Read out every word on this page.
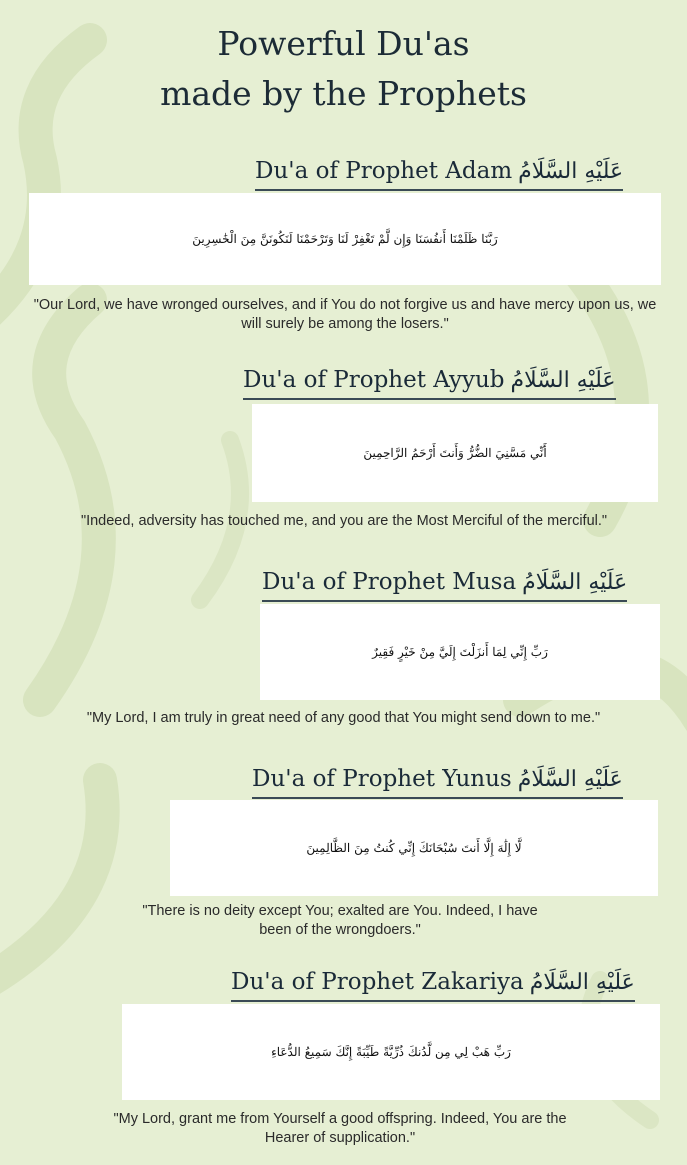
Powerful Du'as
made by the Prophets
Du'a of Prophet Adam عَلَيْهِ السَّلَامُ
رَبَّنَا ظَلَمْنَا أَنفُسَنَا وَإِن لَّمْ تَغْفِرْ لَنَا وَتَرْحَمْنَا لَنَكُونَنَّ مِنَ الْخَٰسِرِينَ
"Our Lord, we have wronged ourselves, and if You do not forgive us and have mercy upon us, we will surely be among the losers."
Du'a of Prophet Ayyub عَلَيْهِ السَّلَامُ
أَنِّي مَسَّنِيَ الضُّرُّ وَأَنتَ أَرْحَمُ الرَّاحِمِينَ
"Indeed, adversity has touched me, and you are the Most Merciful of the merciful."
Du'a of Prophet Musa عَلَيْهِ السَّلَامُ
رَبِّ إِنِّي لِمَا أَنزَلْتَ إِلَيَّ مِنْ خَيْرٍ فَقِيرٌ
"My Lord, I am truly in great need of any good that You might send down to me."
Du'a of Prophet Yunus عَلَيْهِ السَّلَامُ
لَّا إِلَٰهَ إِلَّا أَنتَ سُبْحَانَكَ إِنِّي كُنتُ مِنَ الظَّالِمِينَ
"There is no deity except You; exalted are You. Indeed, I have been of the wrongdoers."
Du'a of Prophet Zakariya عَلَيْهِ السَّلَامُ
رَبِّ هَبْ لِي مِن لَّدُنكَ ذُرِّيَّةً طَيِّبَةً إِنَّكَ سَمِيعُ الدُّعَاءِ
"My Lord, grant me from Yourself a good offspring. Indeed, You are the Hearer of supplication."
